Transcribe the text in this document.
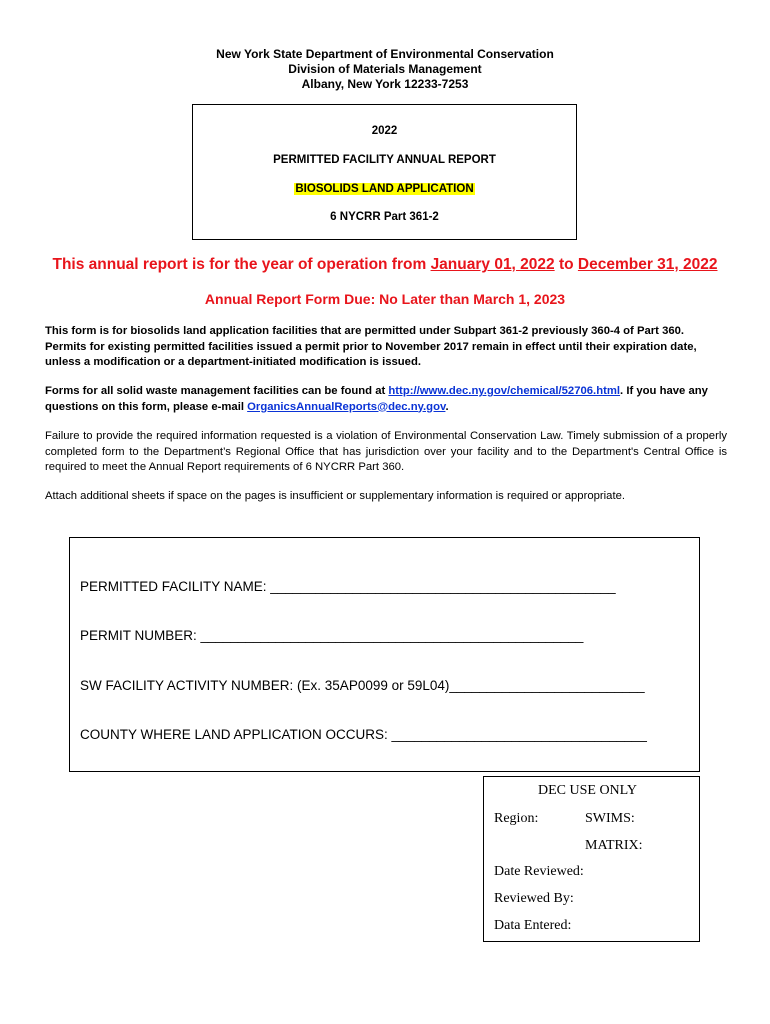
New York State Department of Environmental Conservation
Division of Materials Management
Albany, New York 12233-7253
2022
PERMITTED FACILITY ANNUAL REPORT
BIOSOLIDS LAND APPLICATION
6 NYCRR Part 361-2
This annual report is for the year of operation from January 01, 2022 to December 31, 2022
Annual Report Form Due: No Later than March 1, 2023
This form is for biosolids land application facilities that are permitted under Subpart 361-2 previously 360-4 of Part 360. Permits for existing permitted facilities issued a permit prior to November 2017 remain in effect until their expiration date, unless a modification or a department-initiated modification is issued.
Forms for all solid waste management facilities can be found at http://www.dec.ny.gov/chemical/52706.html. If you have any questions on this form, please e-mail OrganicsAnnualReports@dec.ny.gov.
Failure to provide the required information requested is a violation of Environmental Conservation Law. Timely submission of a properly completed form to the Department’s Regional Office that has jurisdiction over your facility and to the Department's Central Office is required to meet the Annual Report requirements of 6 NYCRR Part 360.
Attach additional sheets if space on the pages is insufficient or supplementary information is required or appropriate.
PERMITTED FACILITY NAME: ______________________________________________
PERMIT NUMBER: ___________________________________________________
SW FACILITY ACTIVITY NUMBER: (Ex. 35AP0099 or 59L04)__________________________
COUNTY WHERE LAND APPLICATION OCCURS: __________________________________
DEC USE ONLY
Region:	SWIMS:
MATRIX:
Date Reviewed:
Reviewed By:
Data Entered:
